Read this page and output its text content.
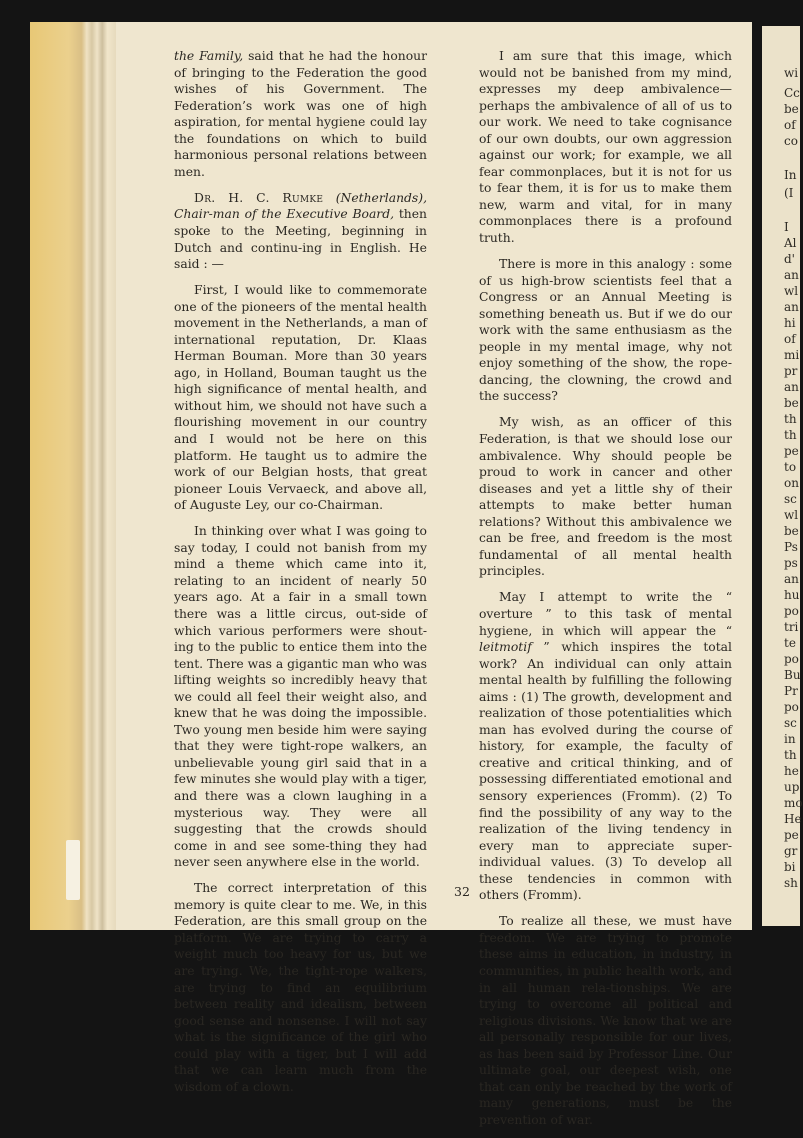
the Family, said that he had the honour of bringing to the Federation the good wishes of his Government. The Federation’s work was one of high aspiration, for mental hygiene could lay the foundations on which to build harmonious personal relations between men.

Dr. H. C. Rumke (Netherlands), Chair-man of the Executive Board, then spoke to the Meeting, beginning in Dutch and continu-ing in English. He said : —

First, I would like to commemorate one of the pioneers of the mental health movement in the Netherlands, a man of international reputation, Dr. Klaas Herman Bouman. More than 30 years ago, in Holland, Bouman taught us the high significance of mental health, and without him, we should not have such a flourishing movement in our country and I would not be here on this platform. He taught us to admire the work of our Belgian hosts, that great pioneer Louis Vervaeck, and above all, of Auguste Ley, our co-Chairman.

In thinking over what I was going to say today, I could not banish from my mind a theme which came into it, relating to an incident of nearly 50 years ago. At a fair in a small town there was a little circus, out-side of which various performers were shout-ing to the public to entice them into the tent. There was a gigantic man who was lifting weights so incredibly heavy that we could all feel their weight also, and knew that he was doing the impossible. Two young men beside him were saying that they were tight-rope walkers, an unbelievable young girl said that in a few minutes she would play with a tiger, and there was a clown laughing in a mysterious way. They were all suggesting that the crowds should come in and see some-thing they had never seen anywhere else in the world.

The correct interpretation of this memory is quite clear to me. We, in this Federation, are this small group on the platform. We are trying to carry a weight much too heavy for us, but we are trying. We, the tight-rope walkers, are trying to find an equilibrium between reality and idealism, between good sense and nonsense. I will not say what is the significance of the girl who could play with a tiger, but I will add that we can learn much from the wisdom of a clown.

I am sure that this image, which would not be banished from my mind, expresses my deep ambivalence—perhaps the ambivalence of all of us to our work. We need to take cognisance of our own doubts, our own aggression against our work; for example, we all fear commonplaces, but it is not for us to fear them, it is for us to make them new, warm and vital, for in many commonplaces there is a profound truth.

There is more in this analogy : some of us high-brow scientists feel that a Congress or an Annual Meeting is something beneath us. But if we do our work with the same enthusiasm as the people in my mental image, why not enjoy something of the show, the rope-dancing, the clowning, the crowd and the success?

My wish, as an officer of this Federation, is that we should lose our ambivalence. Why should people be proud to work in cancer and other diseases and yet a little shy of their attempts to make better human relations? Without this ambivalence we can be free, and freedom is the most fundamental of all mental health principles.

May I attempt to write the “ overture ” to this task of mental hygiene, in which will appear the “ leitmotif ” which inspires the total work? An individual can only attain mental health by fulfilling the following aims : (1) The growth, development and realization of those potentialities which man has evolved during the course of history, for example, the faculty of creative and critical thinking, and of possessing differentiated emotional and sensory experiences (Fromm). (2) To find the possibility of any way to the realization of the living tendency in every man to appreciate super-individual values. (3) To develop all these tendencies in common with others (Fromm).

To realize all these, we must have freedom. We are trying to promote these aims in education, in industry, in communities, in public health work, and in all human rela-tionships. We are trying to overcome all political and religious divisions. We know that we are all personally responsible for our lives, as has been said by Professor Line. Our ultimate goal, our deepest wish, one that can only be reached by the work of many generations, must be the prevention of war.

32
wi
Cc
be
of
co
In
(I
I
Al
d'
an
wl
an
hi
of
mi
pr
an
be
th
th
pe
to
on
sc
wl
be
Ps
ps
an
hu
po
tri
te
po
Bu
Pr
po
sc
in
th
he
up
mo
He
pe
gr
bi
sh
